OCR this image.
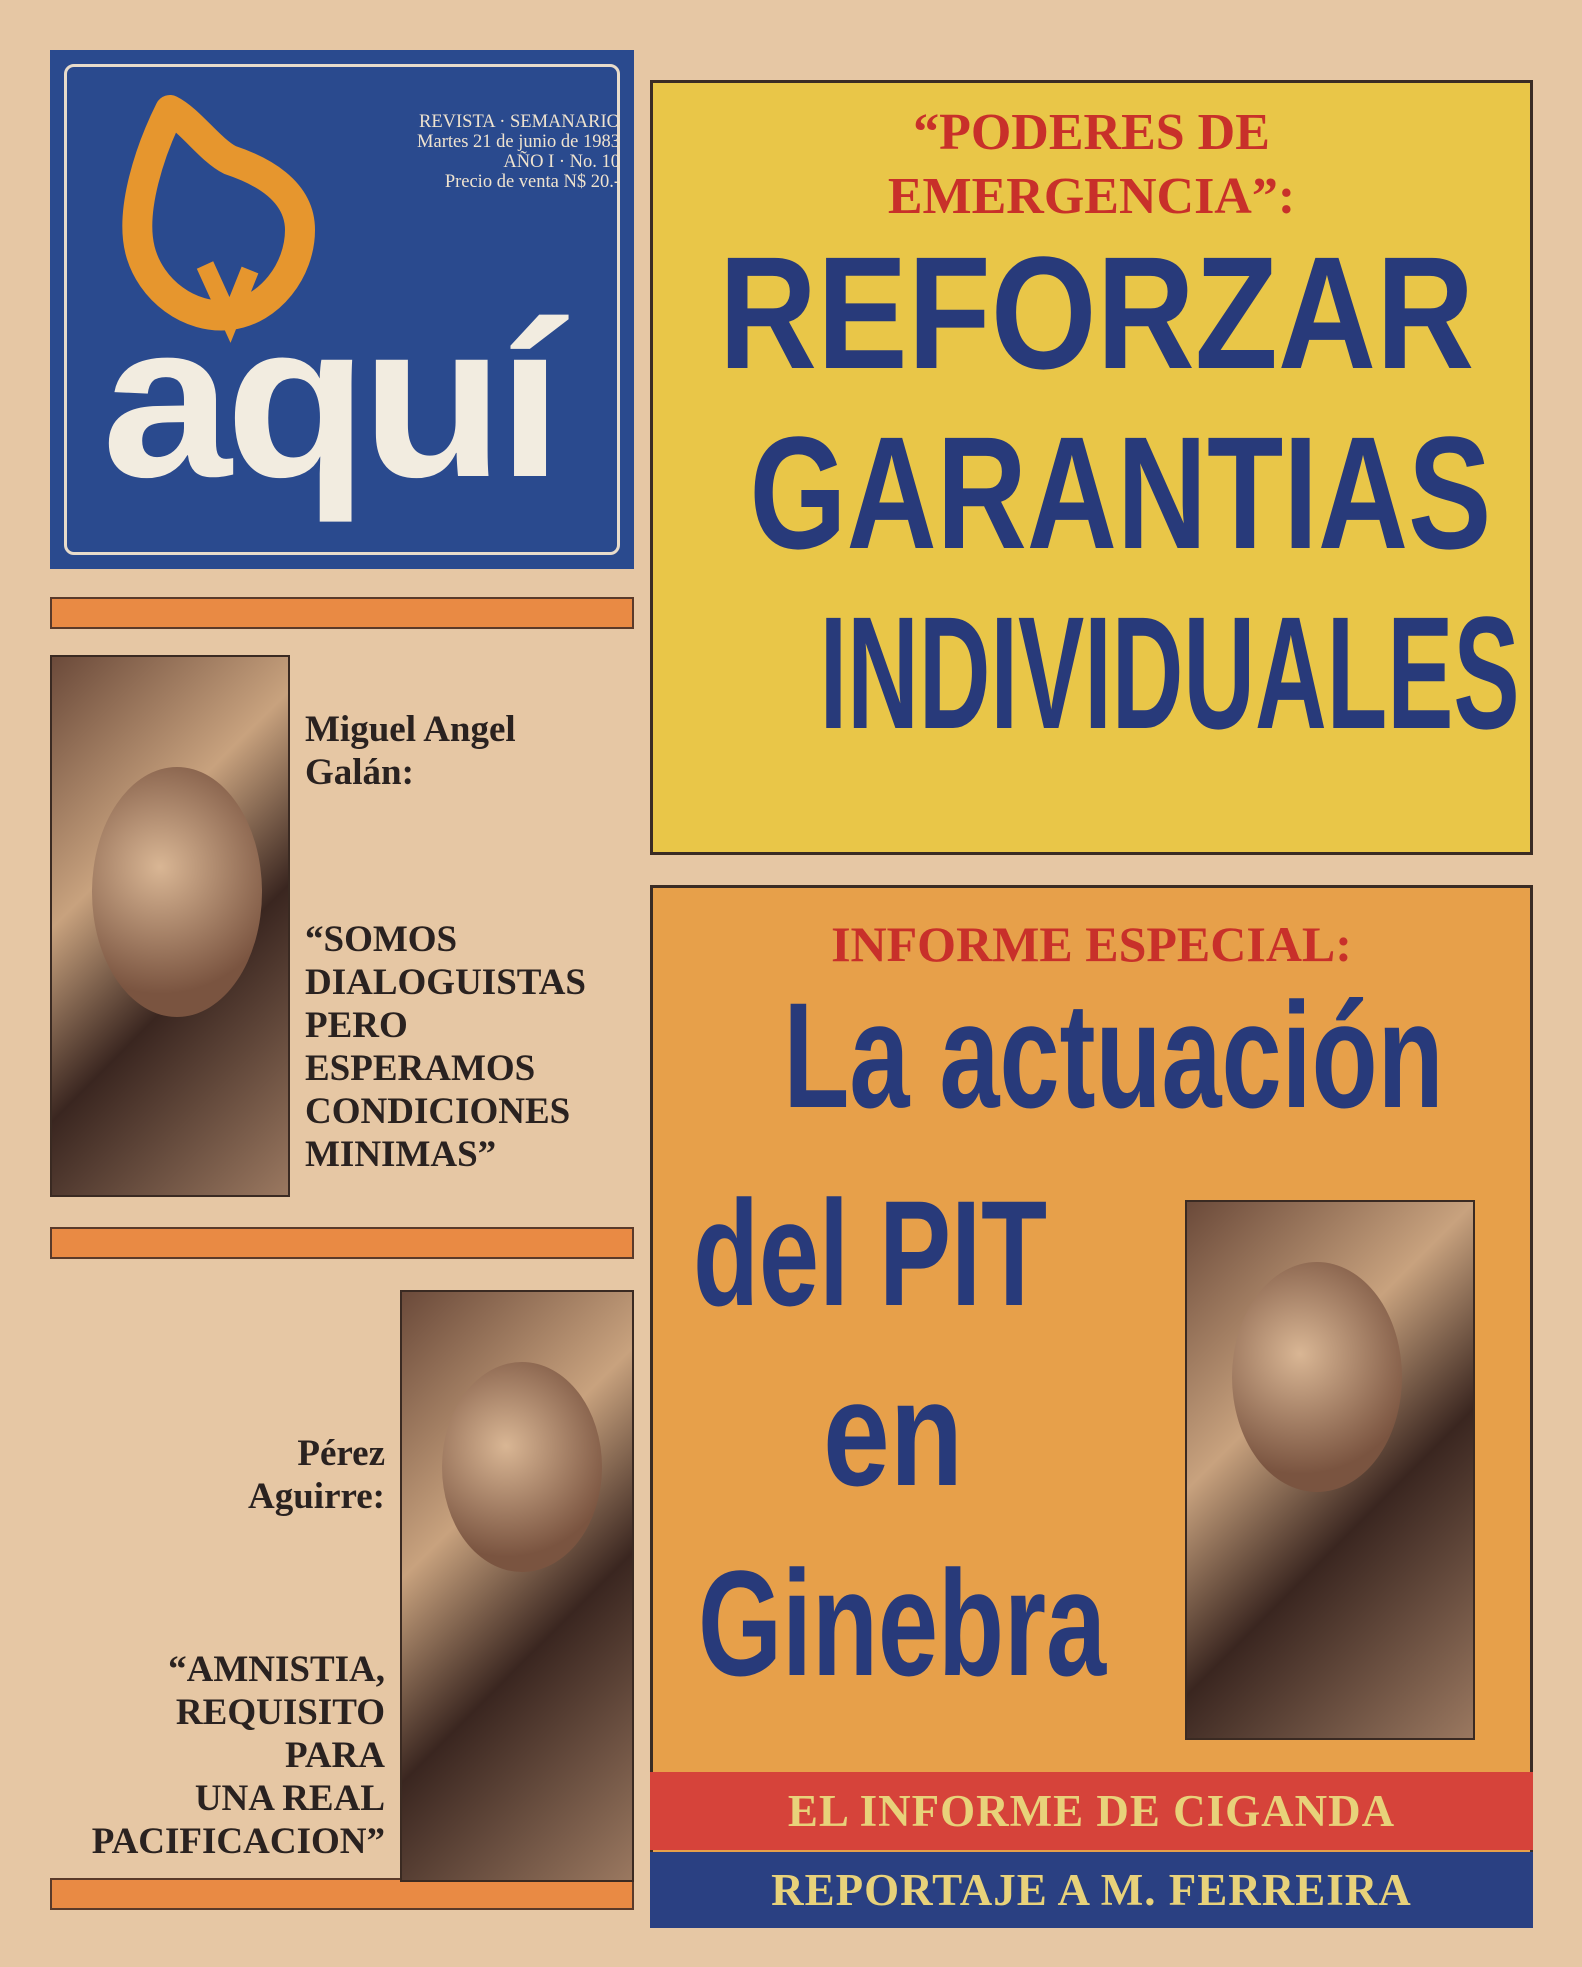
REVISTA · SEMANARIO
Martes 21 de junio de 1983
AÑO I · No. 10
Precio de venta N$ 20.-
aquí
Miguel Angel
Galán:
“SOMOS
DIALOGUISTAS
PERO
ESPERAMOS
CONDICIONES
MINIMAS”
Pérez
Aguirre:
“AMNISTIA,
REQUISITO
PARA
UNA REAL
PACIFICACION”
“PODERES DE
EMERGENCIA”:
REFORZAR
GARANTIAS
INDIVIDUALES
INFORME ESPECIAL:
La actuación
del PIT
en
Ginebra
EL INFORME DE CIGANDA
REPORTAJE A M. FERREIRA
